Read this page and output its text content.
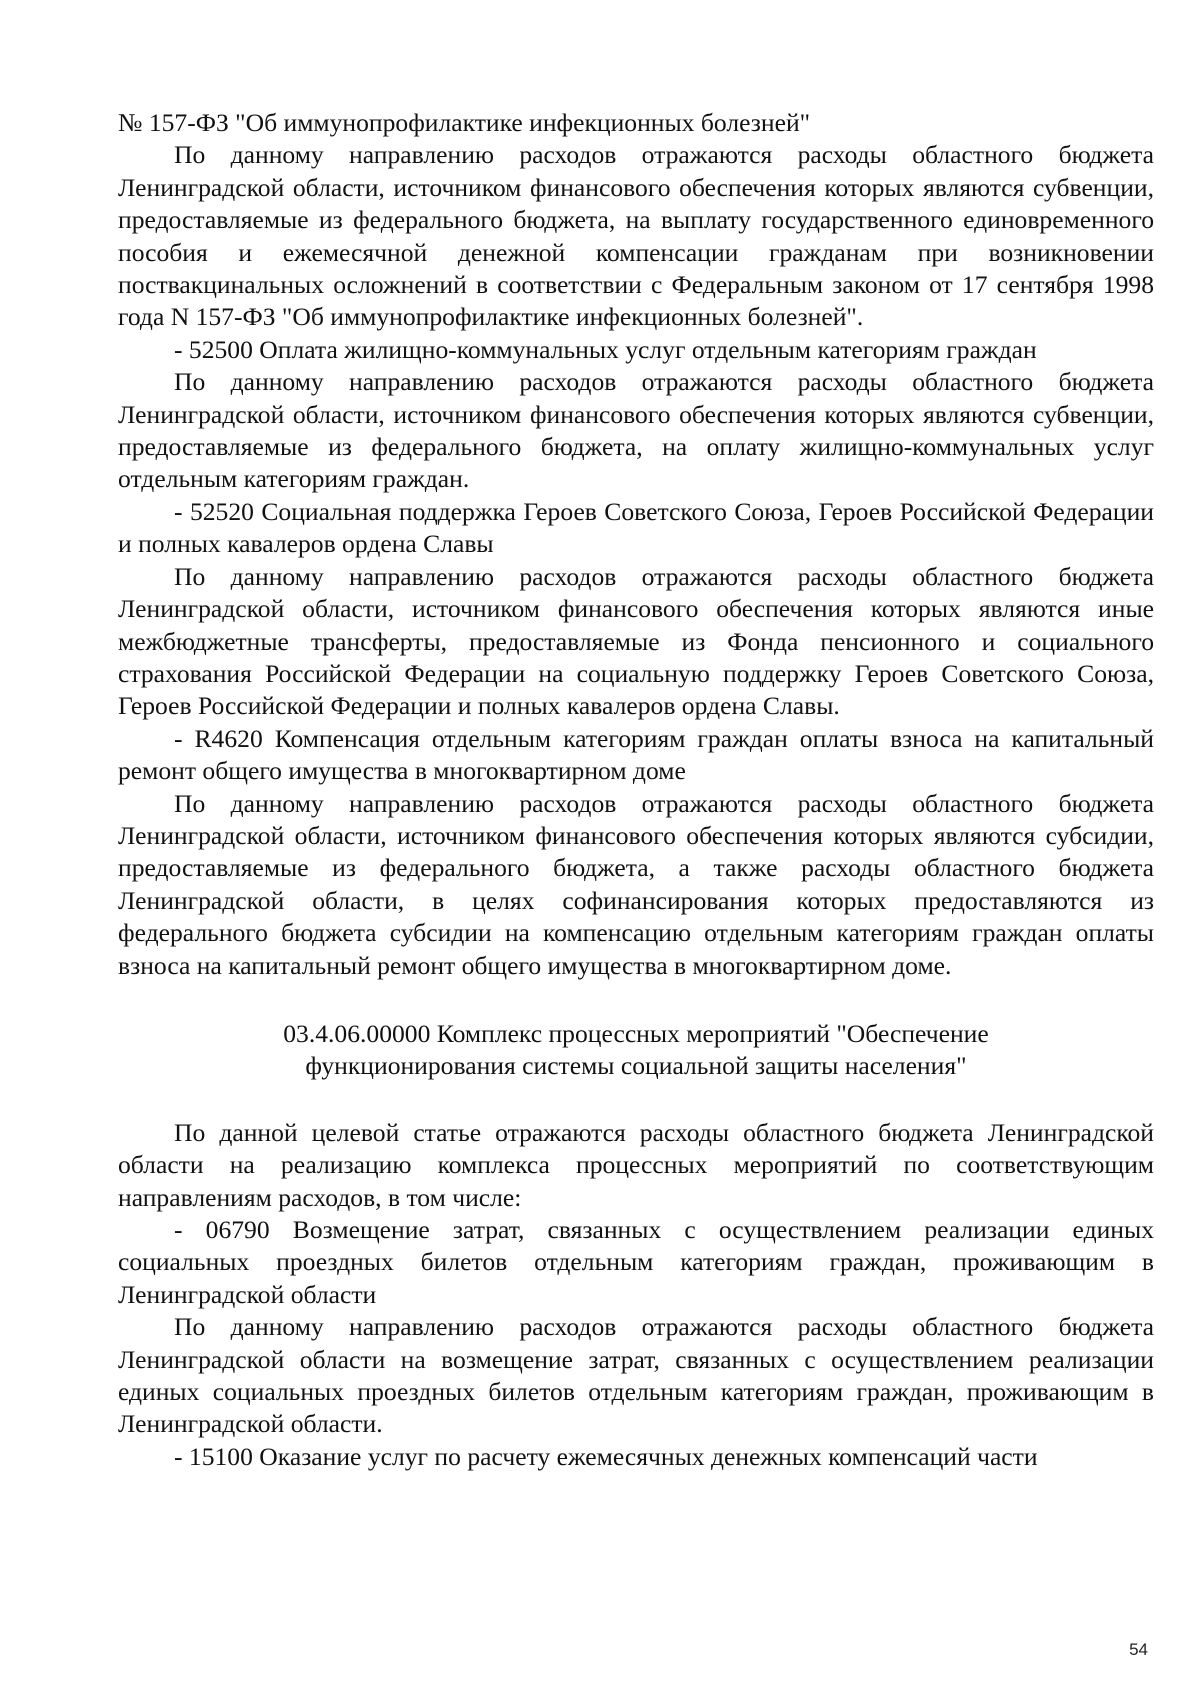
№ 157-ФЗ "Об иммунопрофилактике инфекционных болезней"

По данному направлению расходов отражаются расходы областного бюджета Ленинградской области, источником финансового обеспечения которых являются субвенции, предоставляемые из федерального бюджета, на выплату государственного единовременного пособия и ежемесячной денежной компенсации гражданам при возникновении поствакцинальных осложнений в соответствии с Федеральным законом от 17 сентября 1998 года N 157-ФЗ "Об иммунопрофилактике инфекционных болезней".

- 52500 Оплата жилищно-коммунальных услуг отдельным категориям граждан

По данному направлению расходов отражаются расходы областного бюджета Ленинградской области, источником финансового обеспечения которых являются субвенции, предоставляемые из федерального бюджета, на оплату жилищно-коммунальных услуг отдельным категориям граждан.

- 52520 Социальная поддержка Героев Советского Союза, Героев Российской Федерации и полных кавалеров ордена Славы

По данному направлению расходов отражаются расходы областного бюджета Ленинградской области, источником финансового обеспечения которых являются иные межбюджетные трансферты, предоставляемые из Фонда пенсионного и социального страхования Российской Федерации на социальную поддержку Героев Советского Союза, Героев Российской Федерации и полных кавалеров ордена Славы.

- R4620 Компенсация отдельным категориям граждан оплаты взноса на капитальный ремонт общего имущества в многоквартирном доме

По данному направлению расходов отражаются расходы областного бюджета Ленинградской области, источником финансового обеспечения которых являются субсидии, предоставляемые из федерального бюджета, а также расходы областного бюджета Ленинградской области, в целях софинансирования которых предоставляются из федерального бюджета субсидии на компенсацию отдельным категориям граждан оплаты взноса на капитальный ремонт общего имущества в многоквартирном доме.

03.4.06.00000 Комплекс процессных мероприятий "Обеспечение функционирования системы социальной защиты населения"

По данной целевой статье отражаются расходы областного бюджета Ленинградской области на реализацию комплекса процессных мероприятий по соответствующим направлениям расходов, в том числе:

- 06790 Возмещение затрат, связанных с осуществлением реализации единых социальных проездных билетов отдельным категориям граждан, проживающим в Ленинградской области

По данному направлению расходов отражаются расходы областного бюджета Ленинградской области на возмещение затрат, связанных с осуществлением реализации единых социальных проездных билетов отдельным категориям граждан, проживающим в Ленинградской области.

- 15100 Оказание услуг по расчету ежемесячных денежных компенсаций части

54
